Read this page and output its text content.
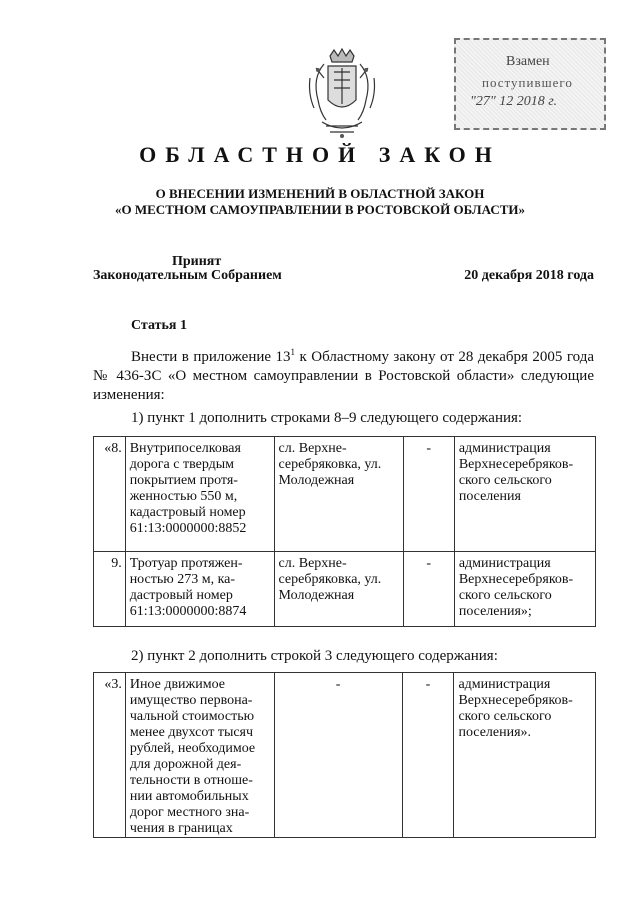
Взамен
поступившего
"27" 12 2018 г.
ОБЛАСТНОЙ ЗАКОН
О ВНЕСЕНИИ ИЗМЕНЕНИЙ В ОБЛАСТНОЙ ЗАКОН
«О МЕСТНОМ САМОУПРАВЛЕНИИ В РОСТОВСКОЙ ОБЛАСТИ»
Принят
Законодательным Собранием	20 декабря 2018 года
Статья 1
Внести в приложение $13^1$ к Областному закону от 28 декабря 2005 года № 436-ЗС «О местном самоуправлении в Ростовской области» следующие изменения:
1) пункт 1 дополнить строками 8–9 следующего содержания:
«8.	Внутрипоселковая дорога с твердым покрытием протя- женностью 550 м, кадастровый номер 61:13:0000000:8852	сл. Верхне- серебряковка, ул. Молодежная	-	администрация Верхнесеребряков- ского сельского поселения
9.	Тротуар протяжен- ностью 273 м, ка- дастровый номер 61:13:0000000:8874	сл. Верхне- серебряковка, ул. Молодежная	-	администрация Верхнесеребряков- ского сельского поселения»;
2) пункт 2 дополнить строкой 3 следующего содержания:
«3.	Иное движимое имущество первона- чальной стоимостью менее двухсот тысяч рублей, необходимое для дорожной дея- тельности в отноше- нии автомобильных дорог местного зна- чения в границах	-	-	администрация Верхнесеребряков- ского сельского поселения».
